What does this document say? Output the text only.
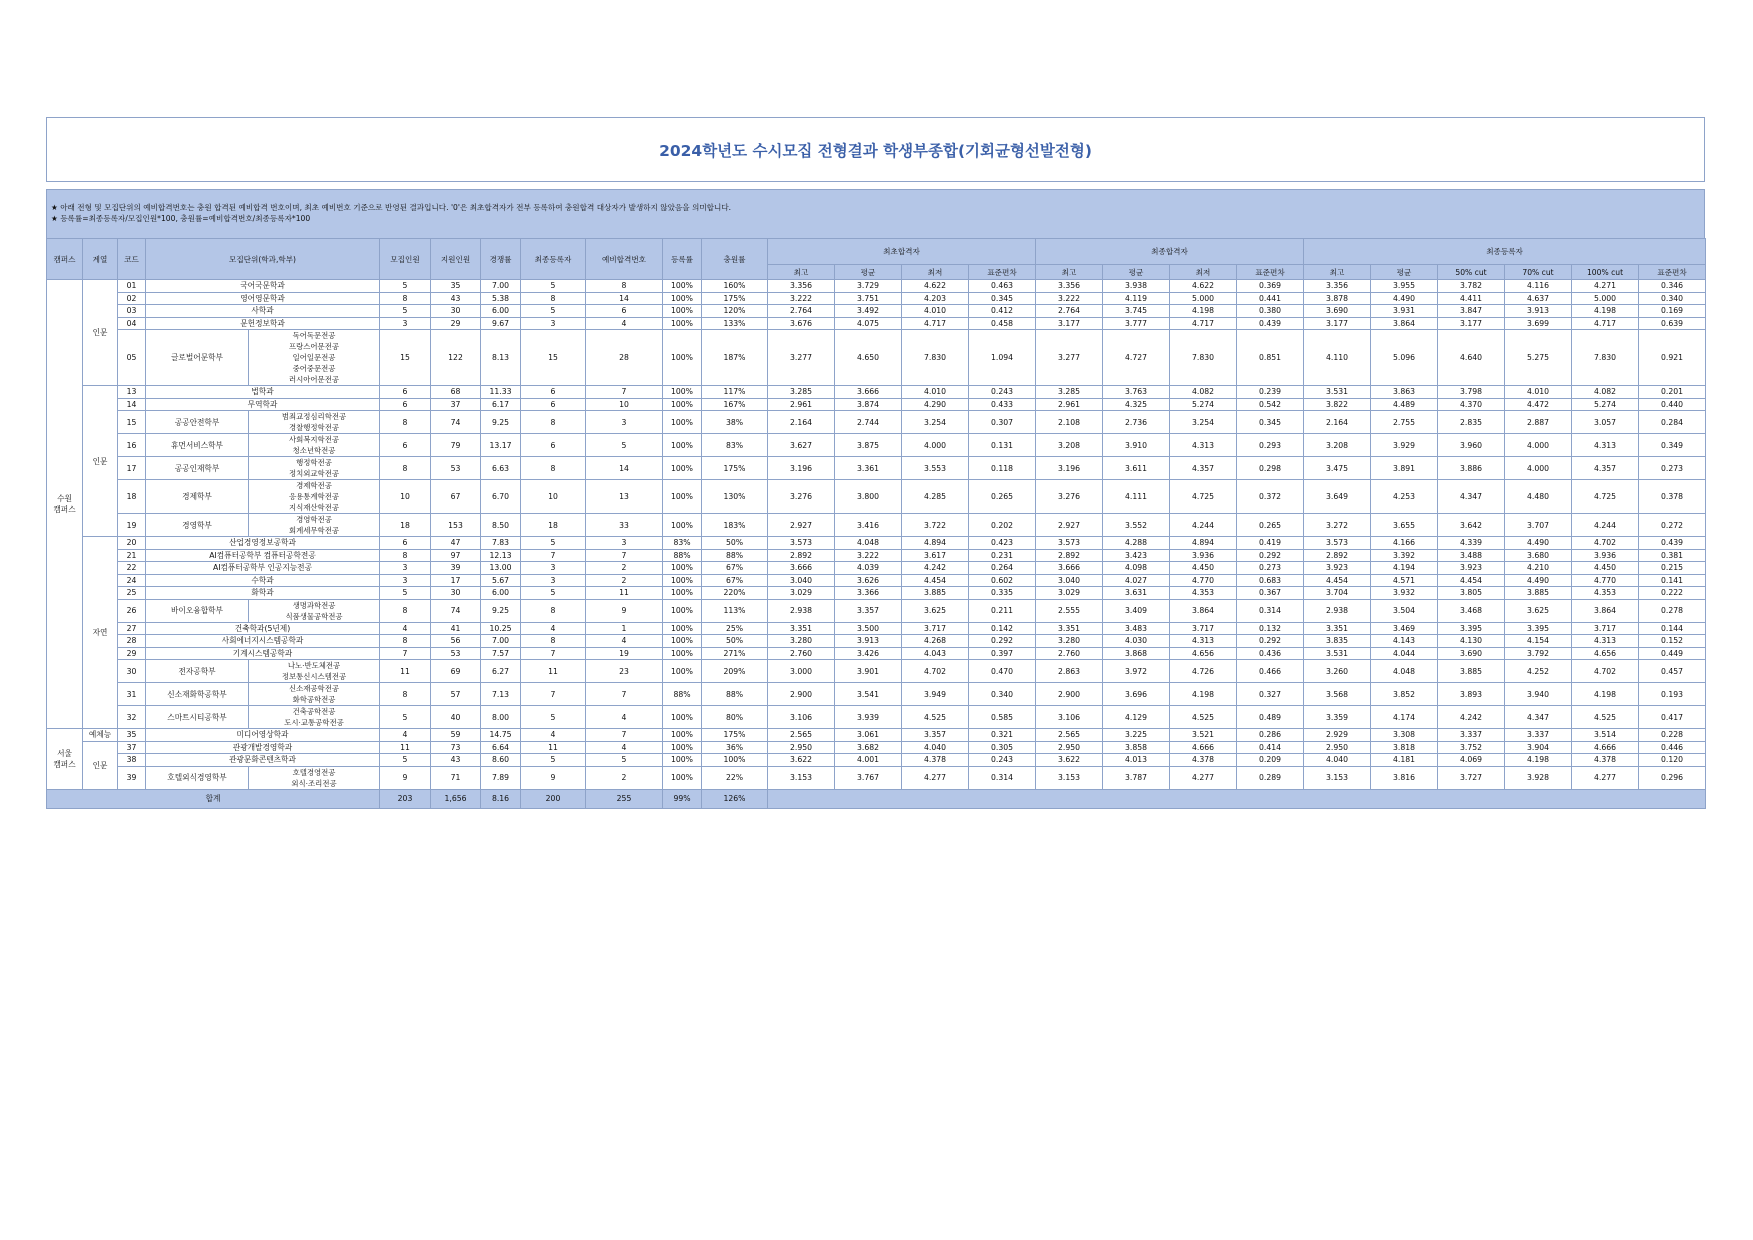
2024학년도 수시모집 전형결과 학생부종합(기회균형선발전형)
★ 아래 전형 및 모집단위의 예비합격번호는 충원 합격된 예비합격 번호이며, 최초 예비번호 기준으로 반영된 결과입니다. '0'은 최초합격자가 전부 등록하여 충원합격 대상자가 발생하지 않았음을 의미합니다.
★ 등록률=최종등록자/모집인원*100, 충원률=예비합격번호/최종등록자*100
캠퍼스	계열	코드	모집단위(학과,학부)		모집인원	지원인원	경쟁률	최종등록자	예비합격번호	등록률	충원률	최초합격자				최종합격자				최종등록자					
												최고	평균	최저	표준편차	최고	평균	최저	표준편차	최고	평균	50% cut	70% cut	100% cut	표준편차
수원
캠퍼스	인문	01	국어국문학과		5	35	7.00	5	8	100%	160%	3.356	3.729	4.622	0.463	3.356	3.938	4.622	0.369	3.356	3.955	3.782	4.116	4.271	0.346
		02	영어영문학과		8	43	5.38	8	14	100%	175%	3.222	3.751	4.203	0.345	3.222	4.119	5.000	0.441	3.878	4.490	4.411	4.637	5.000	0.340
		03	사학과		5	30	6.00	5	6	100%	120%	2.764	3.492	4.010	0.412	2.764	3.745	4.198	0.380	3.690	3.931	3.847	3.913	4.198	0.169
		04	문헌정보학과		3	29	9.67	3	4	100%	133%	3.676	4.075	4.717	0.458	3.177	3.777	4.717	0.439	3.177	3.864	3.177	3.699	4.717	0.639
		05	글로벌어문학부	독어독문전공
프랑스어문전공
일어일문전공
중어중문전공
러시아어문전공	15	122	8.13	15	28	100%	187%	3.277	4.650	7.830	1.094	3.277	4.727	7.830	0.851	4.110	5.096	4.640	5.275	7.830	0.921
	인문	13	법학과		6	68	11.33	6	7	100%	117%	3.285	3.666	4.010	0.243	3.285	3.763	4.082	0.239	3.531	3.863	3.798	4.010	4.082	0.201
		14	무역학과		6	37	6.17	6	10	100%	167%	2.961	3.874	4.290	0.433	2.961	4.325	5.274	0.542	3.822	4.489	4.370	4.472	5.274	0.440
		15	공공안전학부	범죄교정심리학전공
경찰행정학전공	8	74	9.25	8	3	100%	38%	2.164	2.744	3.254	0.307	2.108	2.736	3.254	0.345	2.164	2.755	2.835	2.887	3.057	0.284
		16	휴먼서비스학부	사회복지학전공
청소년학전공	6	79	13.17	6	5	100%	83%	3.627	3.875	4.000	0.131	3.208	3.910	4.313	0.293	3.208	3.929	3.960	4.000	4.313	0.349
		17	공공인재학부	행정학전공
정치외교학전공	8	53	6.63	8	14	100%	175%	3.196	3.361	3.553	0.118	3.196	3.611	4.357	0.298	3.475	3.891	3.886	4.000	4.357	0.273
		18	경제학부	경제학전공
응용통계학전공
지식재산학전공	10	67	6.70	10	13	100%	130%	3.276	3.800	4.285	0.265	3.276	4.111	4.725	0.372	3.649	4.253	4.347	4.480	4.725	0.378
		19	경영학부	경영학전공
회계세무학전공	18	153	8.50	18	33	100%	183%	2.927	3.416	3.722	0.202	2.927	3.552	4.244	0.265	3.272	3.655	3.642	3.707	4.244	0.272
	자연	20	산업경영정보공학과		6	47	7.83	5	3	83%	50%	3.573	4.048	4.894	0.423	3.573	4.288	4.894	0.419	3.573	4.166	4.339	4.490	4.702	0.439
		21	AI컴퓨터공학부 컴퓨터공학전공		8	97	12.13	7	7	88%	88%	2.892	3.222	3.617	0.231	2.892	3.423	3.936	0.292	2.892	3.392	3.488	3.680	3.936	0.381
		22	AI컴퓨터공학부 인공지능전공		3	39	13.00	3	2	100%	67%	3.666	4.039	4.242	0.264	3.666	4.098	4.450	0.273	3.923	4.194	3.923	4.210	4.450	0.215
		24	수학과		3	17	5.67	3	2	100%	67%	3.040	3.626	4.454	0.602	3.040	4.027	4.770	0.683	4.454	4.571	4.454	4.490	4.770	0.141
		25	화학과		5	30	6.00	5	11	100%	220%	3.029	3.366	3.885	0.335	3.029	3.631	4.353	0.367	3.704	3.932	3.805	3.885	4.353	0.222
		26	바이오융합학부	생명과학전공
식품생물공학전공	8	74	9.25	8	9	100%	113%	2.938	3.357	3.625	0.211	2.555	3.409	3.864	0.314	2.938	3.504	3.468	3.625	3.864	0.278
		27	건축학과(5년제)		4	41	10.25	4	1	100%	25%	3.351	3.500	3.717	0.142	3.351	3.483	3.717	0.132	3.351	3.469	3.395	3.395	3.717	0.144
		28	사회에너지시스템공학과		8	56	7.00	8	4	100%	50%	3.280	3.913	4.268	0.292	3.280	4.030	4.313	0.292	3.835	4.143	4.130	4.154	4.313	0.152
		29	기계시스템공학과		7	53	7.57	7	19	100%	271%	2.760	3.426	4.043	0.397	2.760	3.868	4.656	0.436	3.531	4.044	3.690	3.792	4.656	0.449
		30	전자공학부	나노·반도체전공
정보통신시스템전공	11	69	6.27	11	23	100%	209%	3.000	3.901	4.702	0.470	2.863	3.972	4.726	0.466	3.260	4.048	3.885	4.252	4.702	0.457
		31	신소재화학공학부	신소재공학전공
화학공학전공	8	57	7.13	7	7	88%	88%	2.900	3.541	3.949	0.340	2.900	3.696	4.198	0.327	3.568	3.852	3.893	3.940	4.198	0.193
		32	스마트시티공학부	건축공학전공
도시·교통공학전공	5	40	8.00	5	4	100%	80%	3.106	3.939	4.525	0.585	3.106	4.129	4.525	0.489	3.359	4.174	4.242	4.347	4.525	0.417
서울
캠퍼스	예체능	35	미디어영상학과		4	59	14.75	4	7	100%	175%	2.565	3.061	3.357	0.321	2.565	3.225	3.521	0.286	2.929	3.308	3.337	3.337	3.514	0.228
	인문	37	관광개발경영학과		11	73	6.64	11	4	100%	36%	2.950	3.682	4.040	0.305	2.950	3.858	4.666	0.414	2.950	3.818	3.752	3.904	4.666	0.446
		38	관광문화콘텐츠학과		5	43	8.60	5	5	100%	100%	3.622	4.001	4.378	0.243	3.622	4.013	4.378	0.209	4.040	4.181	4.069	4.198	4.378	0.120
		39	호텔외식경영학부	호텔경영전공
외식·조리전공	9	71	7.89	9	2	100%	22%	3.153	3.767	4.277	0.314	3.153	3.787	4.277	0.289	3.153	3.816	3.727	3.928	4.277	0.296
합계					203	1,656	8.16	200	255	99%	126%														
